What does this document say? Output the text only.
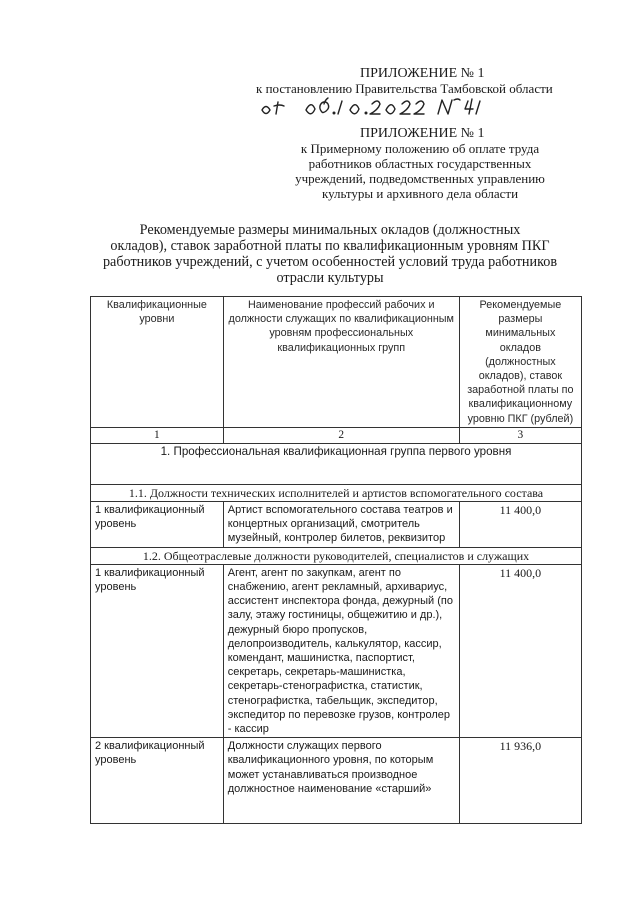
ПРИЛОЖЕНИЕ № 1
к постановлению Правительства Тамбовской области
ПРИЛОЖЕНИЕ № 1
к Примерному положению об оплате труда
работников областных государственных
учреждений, подведомственных управлению
культуры и архивного дела области
Рекомендуемые размеры минимальных окладов (должностных
окладов), ставок заработной платы по квалификационным уровням ПКГ
работников учреждений, с учетом особенностей условий труда работников
отрасли культуры
Квалификационные уровни	Наименование профессий рабочих и должности служащих по квалификационным уровням профессиональных квалификационных групп	Рекомендуемые размеры минимальных окладов (должностных окладов), ставок заработной платы по квалификационному уровню ПКГ (рублей)
1	2	3
1. Профессиональная квалификационная группа первого уровня		
1.1. Должности технических исполнителей и артистов вспомогательного состава		
1 квалификационный уровень	Артист вспомогательного состава театров и концертных организаций, смотритель музейный, контролер билетов, реквизитор	11 400,0
1.2. Общеотраслевые должности руководителей, специалистов и служащих		
1 квалификационный уровень	Агент, агент по закупкам, агент по снабжению, агент рекламный, архивариус, ассистент инспектора фонда, дежурный (по залу, этажу гостиницы, общежитию и др.), дежурный бюро пропусков, делопроизводитель, калькулятор, кассир, комендант, машинистка, паспортист, секретарь, секретарь-машинистка, секретарь-стенографистка, статистик, стенографистка, табельщик, экспедитор, экспедитор по перевозке грузов, контролер - кассир	11 400,0
2 квалификационный уровень	Должности служащих первого квалификационного уровня, по которым может устанавливаться производное должностное наименование «старший»	11 936,0
